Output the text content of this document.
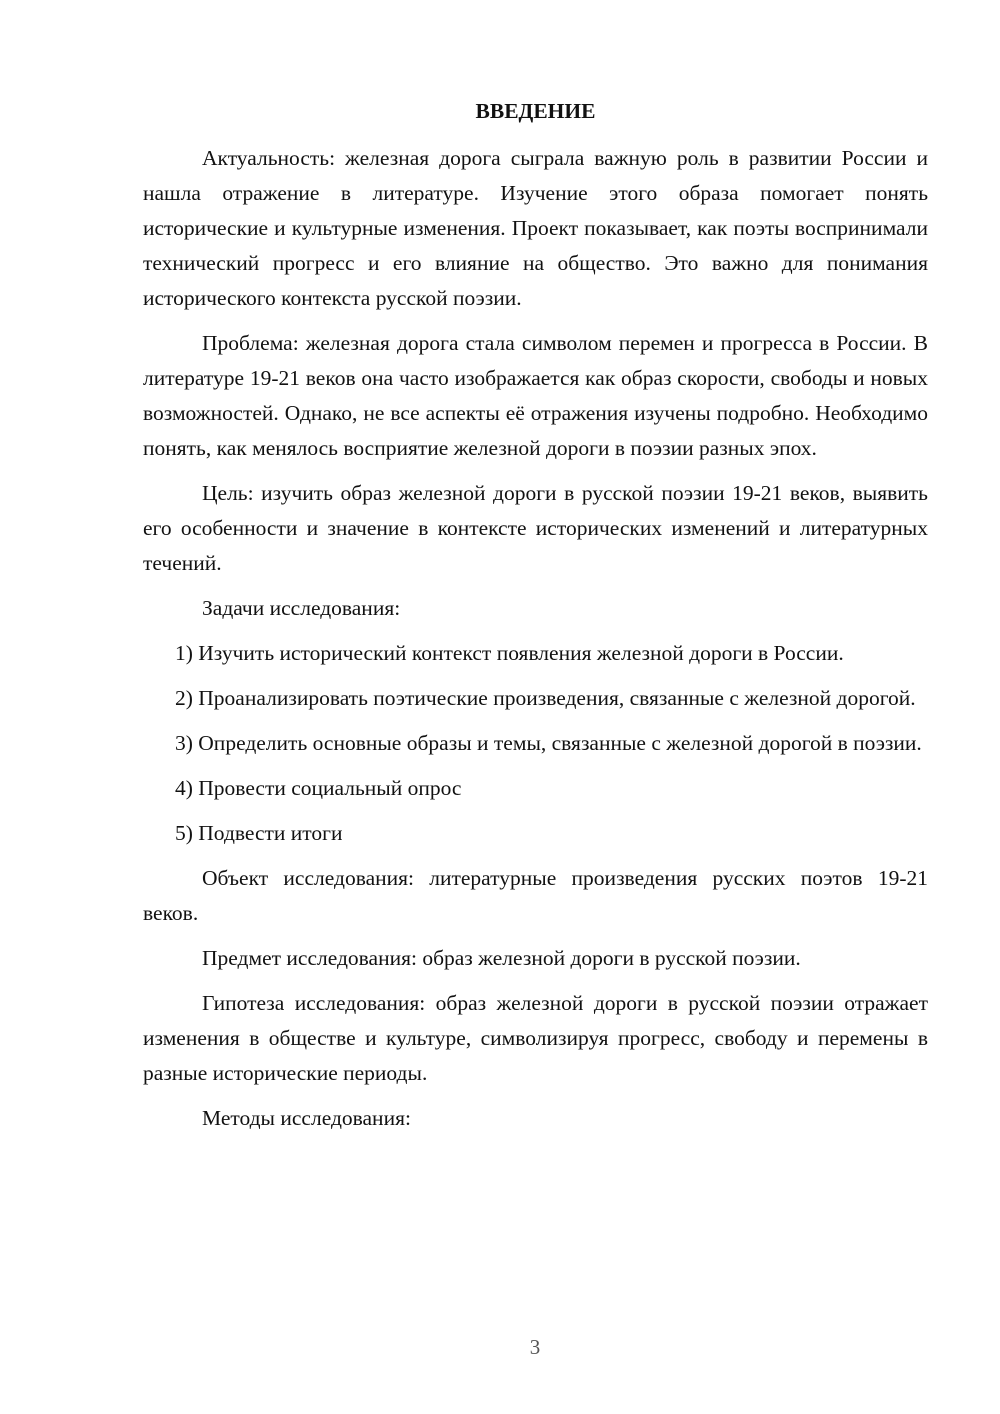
ВВЕДЕНИЕ

Актуальность: железная дорога сыграла важную роль в развитии России и нашла отражение в литературе. Изучение этого образа помогает понять исторические и культурные изменения. Проект показывает, как поэты воспринимали технический прогресс и его влияние на общество. Это важно для понимания исторического контекста русской поэзии.

Проблема: железная дорога стала символом перемен и прогресса в России. В литературе 19-21 веков она часто изображается как образ скорости, свободы и новых возможностей. Однако, не все аспекты её отражения изучены подробно. Необходимо понять, как менялось восприятие железной дороги в поэзии разных эпох.

Цель: изучить образ железной дороги в русской поэзии 19-21 веков, выявить его особенности и значение в контексте исторических изменений и литературных течений.

Задачи исследования:

1) Изучить исторический контекст появления железной дороги в России.

2) Проанализировать поэтические произведения, связанные с железной дорогой.

3) Определить основные образы и темы, связанные с железной дорогой в поэзии.

4) Провести социальный опрос

5) Подвести итоги

Объект исследования: литературные произведения русских поэтов 19-21 веков.

Предмет исследования: образ железной дороги в русской поэзии.

Гипотеза исследования: образ железной дороги в русской поэзии отражает изменения в обществе и культуре, символизируя прогресс, свободу и перемены в разные исторические периоды.

Методы исследования:

3
